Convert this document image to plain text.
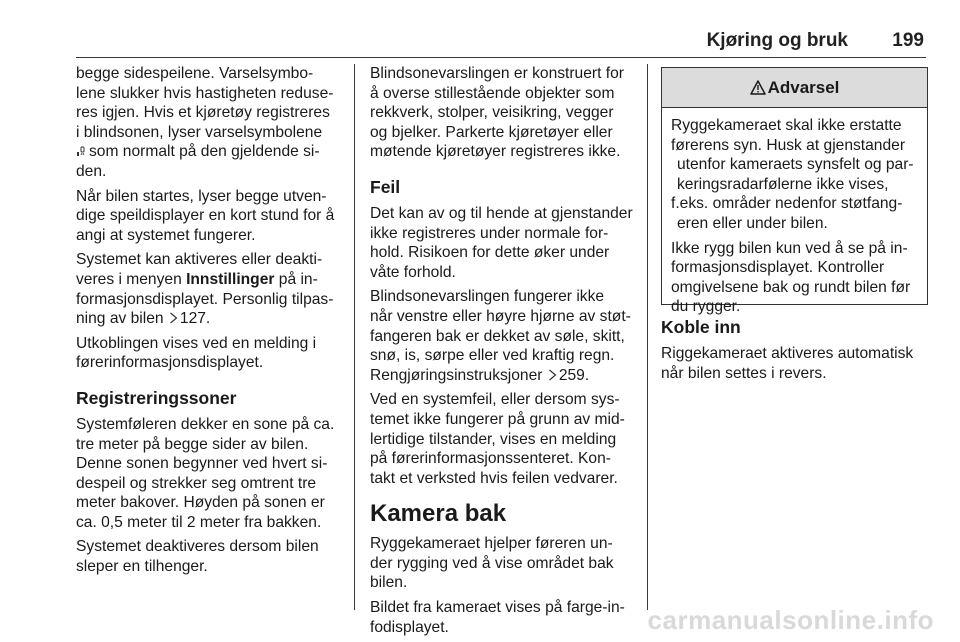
Kjøring og bruk 199

begge sidespeilene. Varselsymbo-
lene slukker hvis hastigheten reduse-
res igjen. Hvis et kjøretøy registreres
i blindsonen, lyser varselsymbolene
som normalt på den gjeldende si-
den.

Når bilen startes, lyser begge utven-
dige speildisplayer en kort stund for å
angi at systemet fungerer.

Systemet kan aktiveres eller deakti-
veres i menyen Innstillinger på in-
formasjonsdisplayet. Personlig tilpas-
ning av bilen 127.

Utkoblingen vises ved en melding i
førerinformasjonsdisplayet.

Registreringssoner

Systemføleren dekker en sone på ca.
tre meter på begge sider av bilen.
Denne sonen begynner ved hvert si-
despeil og strekker seg omtrent tre
meter bakover. Høyden på sonen er
ca. 0,5 meter til 2 meter fra bakken.

Systemet deaktiveres dersom bilen
sleper en tilhenger.

Blindsonevarslingen er konstruert for
å overse stillestående objekter som
rekkverk, stolper, veisikring, vegger
og bjelker. Parkerte kjøretøyer eller
møtende kjøretøyer registreres ikke.

Feil

Det kan av og til hende at gjenstander
ikke registreres under normale for-
hold. Risikoen for dette øker under
våte forhold.

Blindsonevarslingen fungerer ikke
når venstre eller høyre hjørne av støt-
fangeren bak er dekket av søle, skitt,
snø, is, sørpe eller ved kraftig regn.
Rengjøringsinstruksjoner 259.

Ved en systemfeil, eller dersom sys-
temet ikke fungerer på grunn av mid-
lertidige tilstander, vises en melding
på førerinformasjonssenteret. Kon-
takt et verksted hvis feilen vedvarer.

Kamera bak

Ryggekameraet hjelper føreren un-
der rygging ved å vise området bak
bilen.

Bildet fra kameraet vises på farge-in-
fodisplayet.

Advarsel

Ryggekameraet skal ikke erstatte
førerens syn. Husk at gjenstander
utenfor kameraets synsfelt og par-
keringsradarfølerne ikke vises,
f.eks. områder nedenfor støtfang-
eren eller under bilen.

Ikke rygg bilen kun ved å se på in-
formasjonsdisplayet. Kontroller
omgivelsene bak og rundt bilen før
du rygger.

Koble inn

Riggekameraet aktiveres automatisk
når bilen settes i revers.

carmanualsonline.info
